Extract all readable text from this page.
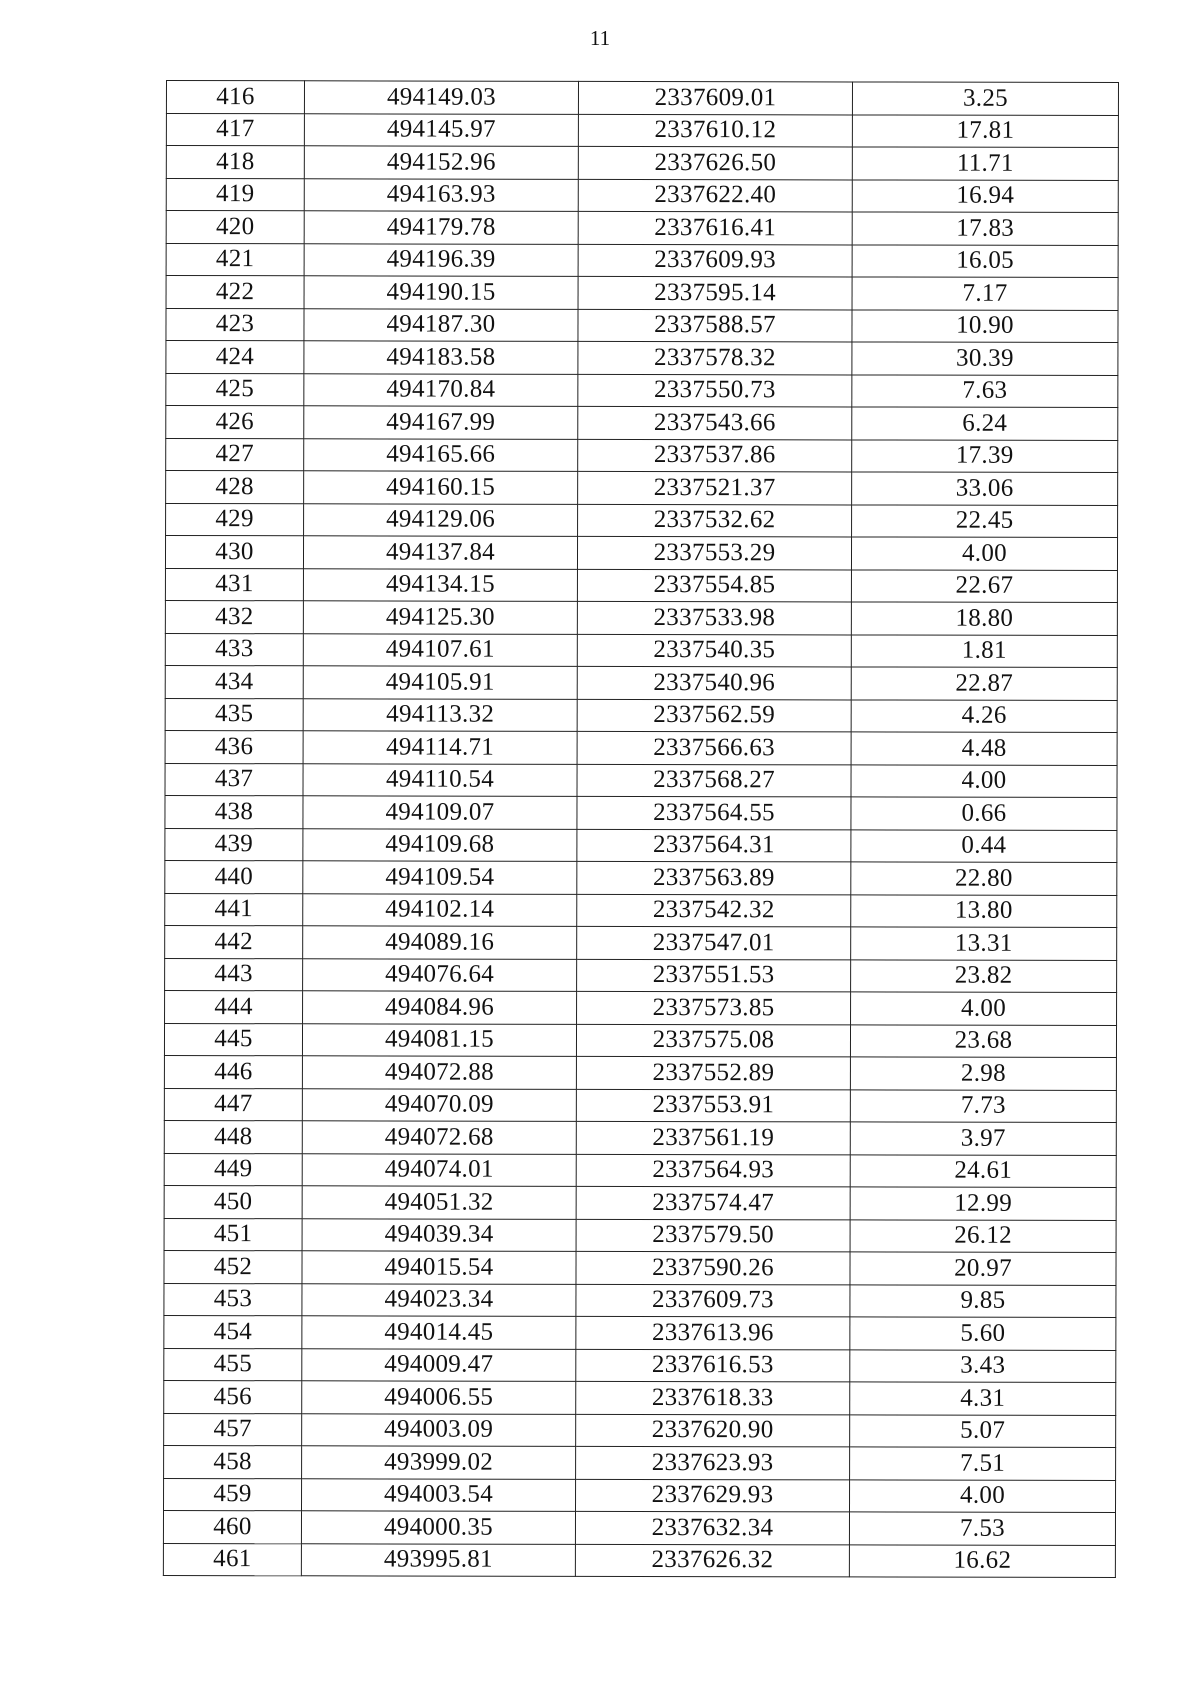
11
416	494149.03	2337609.01	3.25
417	494145.97	2337610.12	17.81
418	494152.96	2337626.50	11.71
419	494163.93	2337622.40	16.94
420	494179.78	2337616.41	17.83
421	494196.39	2337609.93	16.05
422	494190.15	2337595.14	7.17
423	494187.30	2337588.57	10.90
424	494183.58	2337578.32	30.39
425	494170.84	2337550.73	7.63
426	494167.99	2337543.66	6.24
427	494165.66	2337537.86	17.39
428	494160.15	2337521.37	33.06
429	494129.06	2337532.62	22.45
430	494137.84	2337553.29	4.00
431	494134.15	2337554.85	22.67
432	494125.30	2337533.98	18.80
433	494107.61	2337540.35	1.81
434	494105.91	2337540.96	22.87
435	494113.32	2337562.59	4.26
436	494114.71	2337566.63	4.48
437	494110.54	2337568.27	4.00
438	494109.07	2337564.55	0.66
439	494109.68	2337564.31	0.44
440	494109.54	2337563.89	22.80
441	494102.14	2337542.32	13.80
442	494089.16	2337547.01	13.31
443	494076.64	2337551.53	23.82
444	494084.96	2337573.85	4.00
445	494081.15	2337575.08	23.68
446	494072.88	2337552.89	2.98
447	494070.09	2337553.91	7.73
448	494072.68	2337561.19	3.97
449	494074.01	2337564.93	24.61
450	494051.32	2337574.47	12.99
451	494039.34	2337579.50	26.12
452	494015.54	2337590.26	20.97
453	494023.34	2337609.73	9.85
454	494014.45	2337613.96	5.60
455	494009.47	2337616.53	3.43
456	494006.55	2337618.33	4.31
457	494003.09	2337620.90	5.07
458	493999.02	2337623.93	7.51
459	494003.54	2337629.93	4.00
460	494000.35	2337632.34	7.53
461	493995.81	2337626.32	16.62
